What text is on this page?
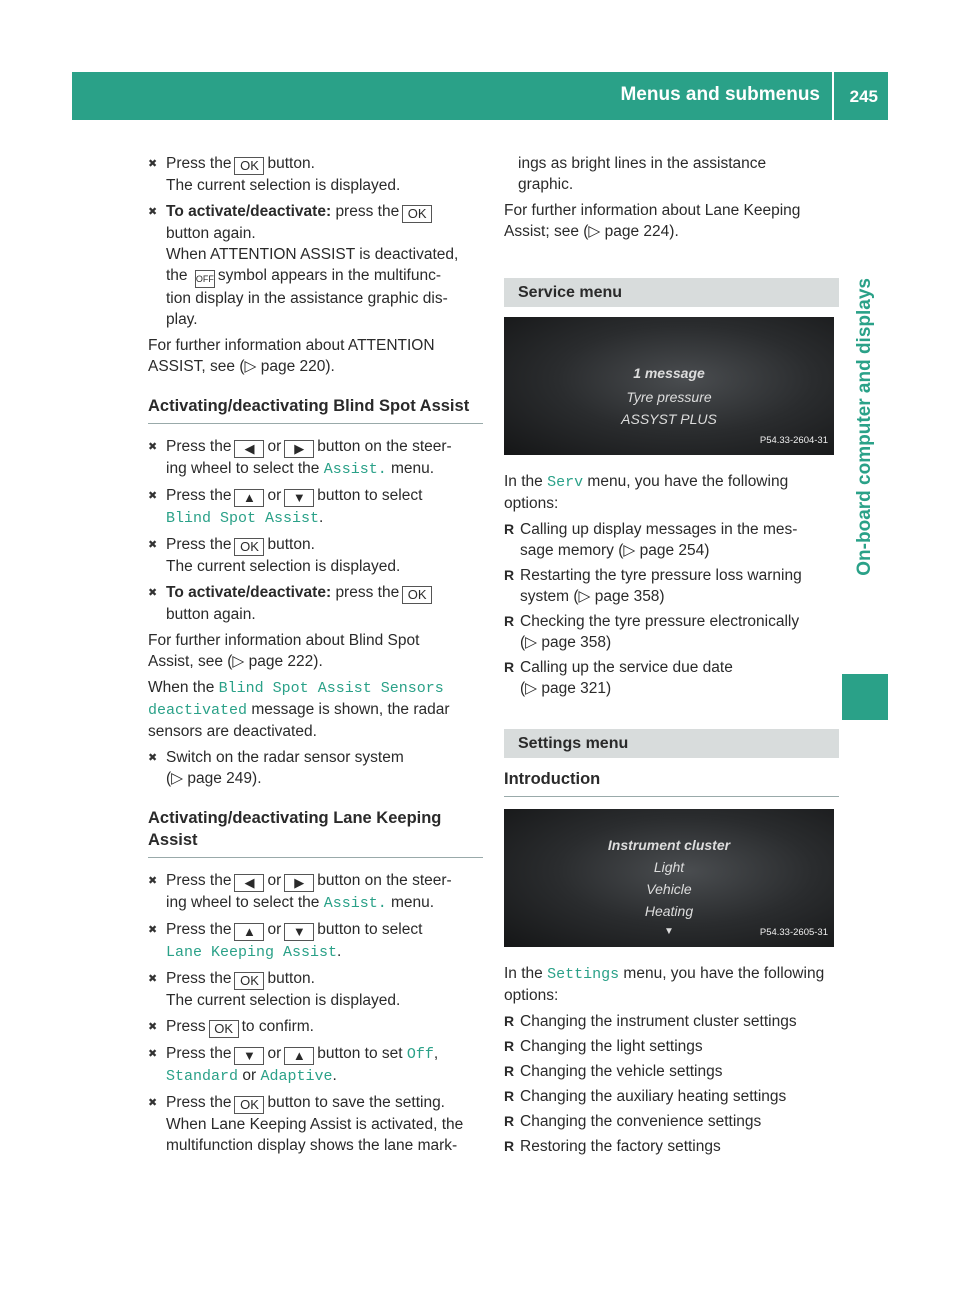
Menus and submenus 245
On-board computer and displays
✖ Press the OK button.
The current selection is displayed.
✖ To activate/deactivate: press the OK
button again.
When ATTENTION ASSIST is deactivated,
the OFF symbol appears in the multifunc-
tion display in the assistance graphic dis-
play.

For further information about ATTENTION
ASSIST, see (▷ page 220).

Activating/deactivating Blind Spot Assist
✖ Press the ◀ or ▶ button on the steer-
ing wheel to select the Assist. menu.
✖ Press the ▲ or ▼ button to select
Blind Spot Assist.
✖ Press the OK button.
The current selection is displayed.
✖ To activate/deactivate: press the OK
button again.

For further information about Blind Spot
Assist, see (▷ page 222).

When the Blind Spot Assist Sensors
deactivated message is shown, the radar
sensors are deactivated.

✖ Switch on the radar sensor system
(▷ page 249).
Activating/deactivating Lane Keeping Assist
✖ Press the ◀ or ▶ button on the steer-
ing wheel to select the Assist. menu.
✖ Press the ▲ or ▼ button to select
Lane Keeping Assist.
✖ Press the OK button.
The current selection is displayed.
✖ Press OK to confirm.
✖ Press the ▼ or ▲ button to set Off,
Standard or Adaptive.
✖ Press the OK button to save the setting.
When Lane Keeping Assist is activated, the
multifunction display shows the lane mark-

ings as bright lines in the assistance
graphic.

For further information about Lane Keeping
Assist; see (▷ page 224).

Service menu
1 message
Tyre pressure
ASSYST PLUS
P54.33-2604-31

In the Serv menu, you have the following
options:

R Calling up display messages in the mes-
sage memory (▷ page 254)
R Restarting the tyre pressure loss warning
system (▷ page 358)
R Checking the tyre pressure electronically
(▷ page 358)
R Calling up the service due date
(▷ page 321)
Settings menu
Introduction
Instrument cluster
Light
Vehicle
Heating
▼	P54.33-2605-31

In the Settings menu, you have the following
options:

R Changing the instrument cluster settings
R Changing the light settings
R Changing the vehicle settings
R Changing the auxiliary heating settings
R Changing the convenience settings
R Restoring the factory settings
